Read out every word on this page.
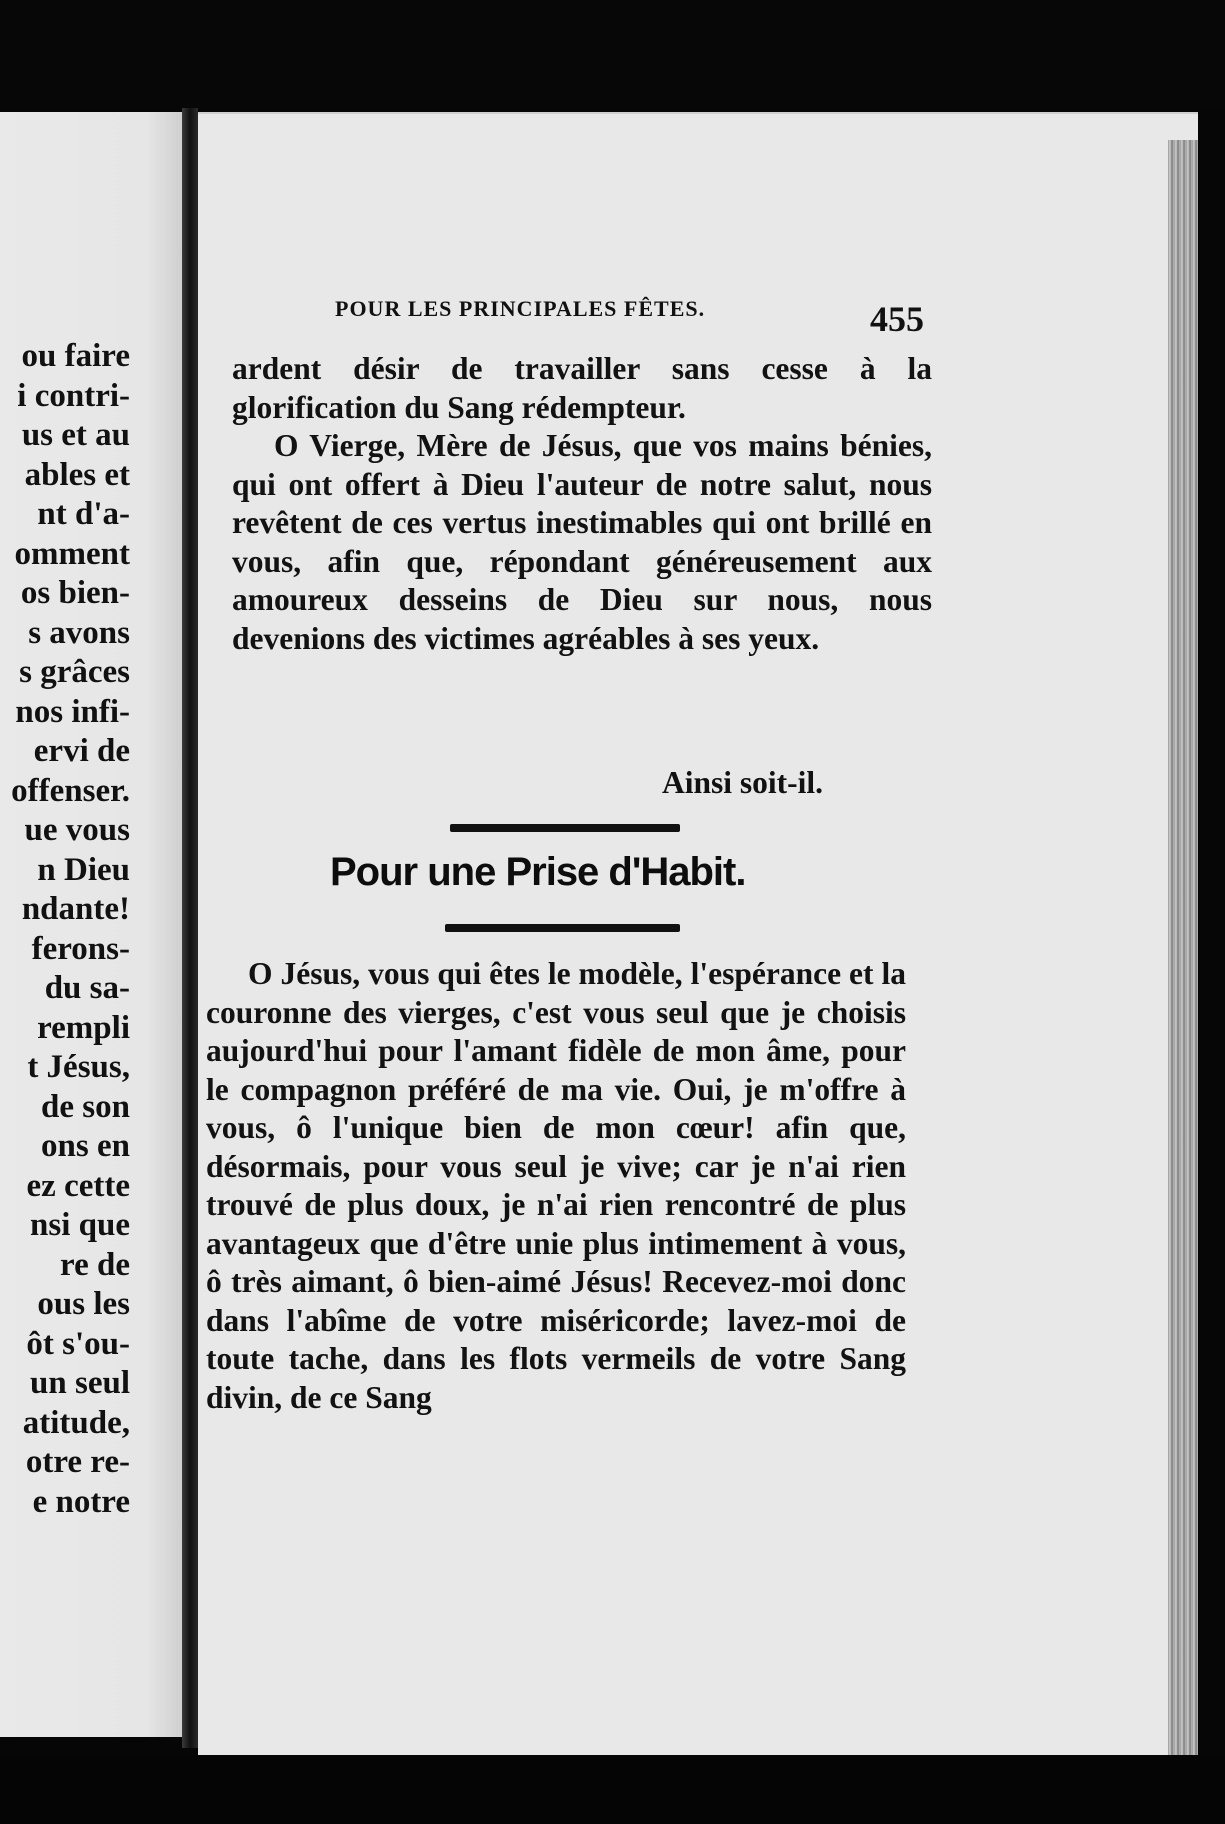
ou faire
i contri-
us et au
ables et
nt d'a-
omment
os bien-
s avons
s grâces
nos infi-
ervi de
offenser.
ue vous
n Dieu
ndante!
ferons-
du sa-
rempli
t Jésus,
de son
ons en
ez cette
nsi que
re de
ous les
ôt s'ou-
un seul
atitude,
otre re-
e notre
POUR LES PRINCIPALES FÊTES.	455

ardent désir de travailler sans cesse à la glorification du Sang rédempteur.

O Vierge, Mère de Jésus, que vos mains bénies, qui ont offert à Dieu l'auteur de notre salut, nous revêtent de ces vertus inestimables qui ont brillé en vous, afin que, répondant généreusement aux amoureux desseins de Dieu sur nous, nous devenions des victimes agréables à ses yeux.

Ainsi soit-il.
Pour une Prise d'Habit.

O Jésus, vous qui êtes le modèle, l'espérance et la couronne des vierges, c'est vous seul que je choisis aujourd'hui pour l'amant fidèle de mon âme, pour le compagnon préféré de ma vie. Oui, je m'offre à vous, ô l'unique bien de mon cœur! afin que, désormais, pour vous seul je vive; car je n'ai rien trouvé de plus doux, je n'ai rien rencontré de plus avantageux que d'être unie plus intimement à vous, ô très aimant, ô bien-aimé Jésus! Recevez-moi donc dans l'abîme de votre miséricorde; lavez-moi de toute tache, dans les flots vermeils de votre Sang divin, de ce Sang
